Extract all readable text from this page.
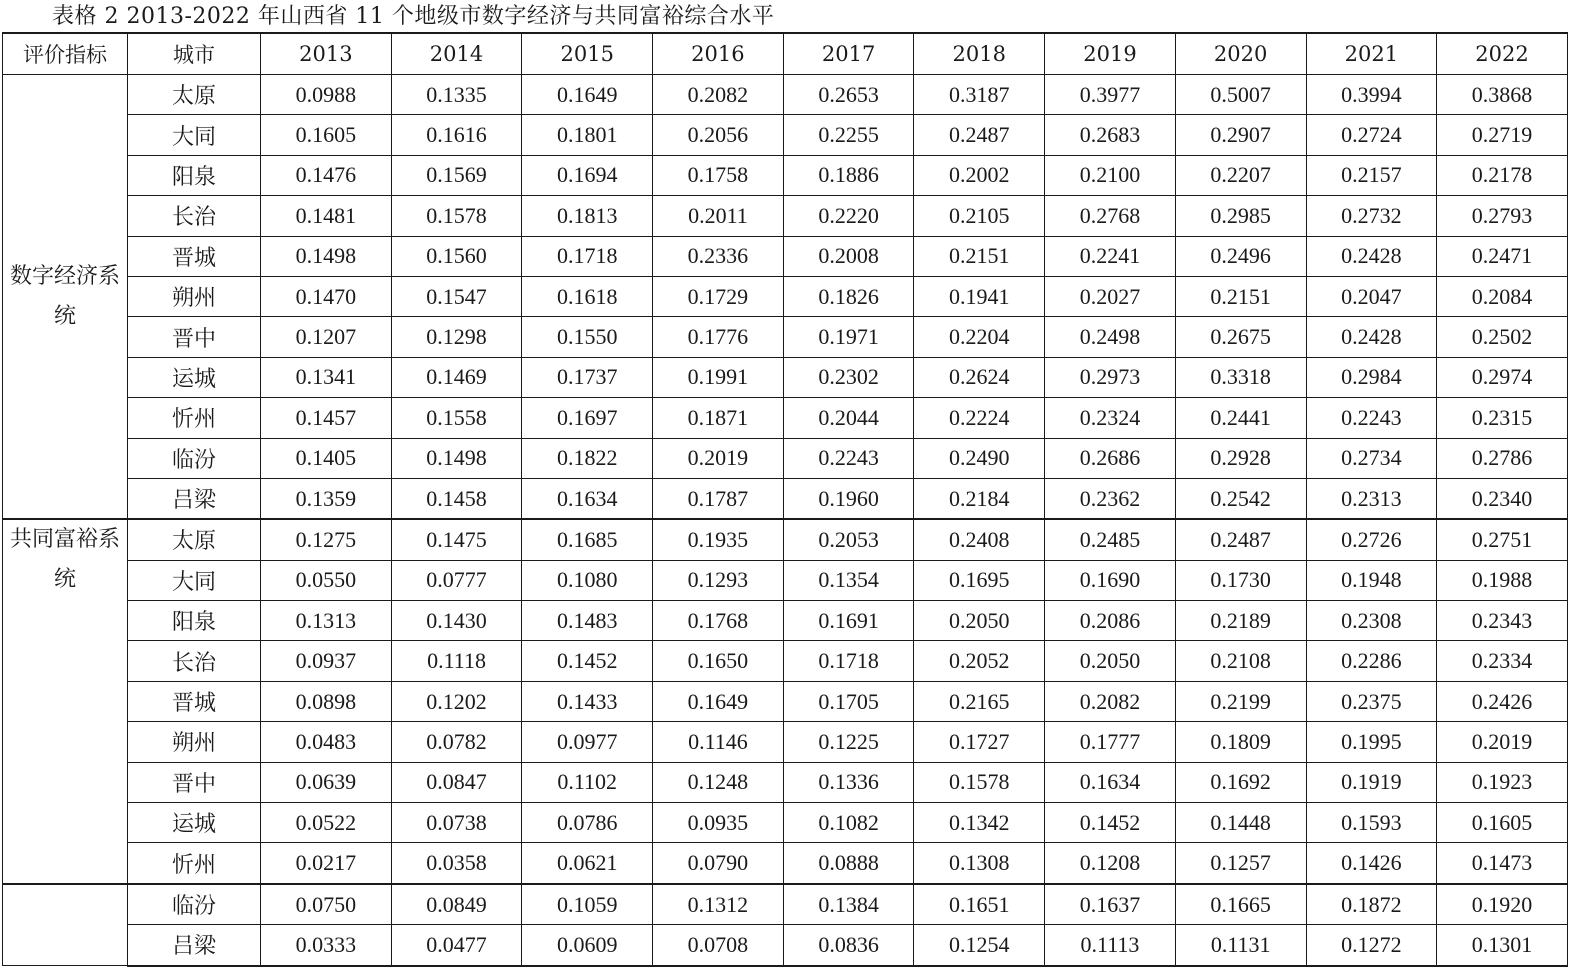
表格 2 2013-2022 年山西省 11 个地级市数字经济与共同富裕综合水平
评价指标	城市	2013	2014	2015	2016	2017	2018	2019	2020	2021	2022
数字经济系统	太原	0.0988	0.1335	0.1649	0.2082	0.2653	0.3187	0.3977	0.5007	0.3994	0.3868
	大同	0.1605	0.1616	0.1801	0.2056	0.2255	0.2487	0.2683	0.2907	0.2724	0.2719
	阳泉	0.1476	0.1569	0.1694	0.1758	0.1886	0.2002	0.2100	0.2207	0.2157	0.2178
	长治	0.1481	0.1578	0.1813	0.2011	0.2220	0.2105	0.2768	0.2985	0.2732	0.2793
	晋城	0.1498	0.1560	0.1718	0.2336	0.2008	0.2151	0.2241	0.2496	0.2428	0.2471
	朔州	0.1470	0.1547	0.1618	0.1729	0.1826	0.1941	0.2027	0.2151	0.2047	0.2084
	晋中	0.1207	0.1298	0.1550	0.1776	0.1971	0.2204	0.2498	0.2675	0.2428	0.2502
	运城	0.1341	0.1469	0.1737	0.1991	0.2302	0.2624	0.2973	0.3318	0.2984	0.2974
	忻州	0.1457	0.1558	0.1697	0.1871	0.2044	0.2224	0.2324	0.2441	0.2243	0.2315
	临汾	0.1405	0.1498	0.1822	0.2019	0.2243	0.2490	0.2686	0.2928	0.2734	0.2786
	吕梁	0.1359	0.1458	0.1634	0.1787	0.1960	0.2184	0.2362	0.2542	0.2313	0.2340
共同富裕系统	太原	0.1275	0.1475	0.1685	0.1935	0.2053	0.2408	0.2485	0.2487	0.2726	0.2751
	大同	0.0550	0.0777	0.1080	0.1293	0.1354	0.1695	0.1690	0.1730	0.1948	0.1988
	阳泉	0.1313	0.1430	0.1483	0.1768	0.1691	0.2050	0.2086	0.2189	0.2308	0.2343
	长治	0.0937	0.1118	0.1452	0.1650	0.1718	0.2052	0.2050	0.2108	0.2286	0.2334
	晋城	0.0898	0.1202	0.1433	0.1649	0.1705	0.2165	0.2082	0.2199	0.2375	0.2426
	朔州	0.0483	0.0782	0.0977	0.1146	0.1225	0.1727	0.1777	0.1809	0.1995	0.2019
	晋中	0.0639	0.0847	0.1102	0.1248	0.1336	0.1578	0.1634	0.1692	0.1919	0.1923
	运城	0.0522	0.0738	0.0786	0.0935	0.1082	0.1342	0.1452	0.1448	0.1593	0.1605
	忻州	0.0217	0.0358	0.0621	0.0790	0.0888	0.1308	0.1208	0.1257	0.1426	0.1473
	临汾	0.0750	0.0849	0.1059	0.1312	0.1384	0.1651	0.1637	0.1665	0.1872	0.1920
	吕梁	0.0333	0.0477	0.0609	0.0708	0.0836	0.1254	0.1113	0.1131	0.1272	0.1301
